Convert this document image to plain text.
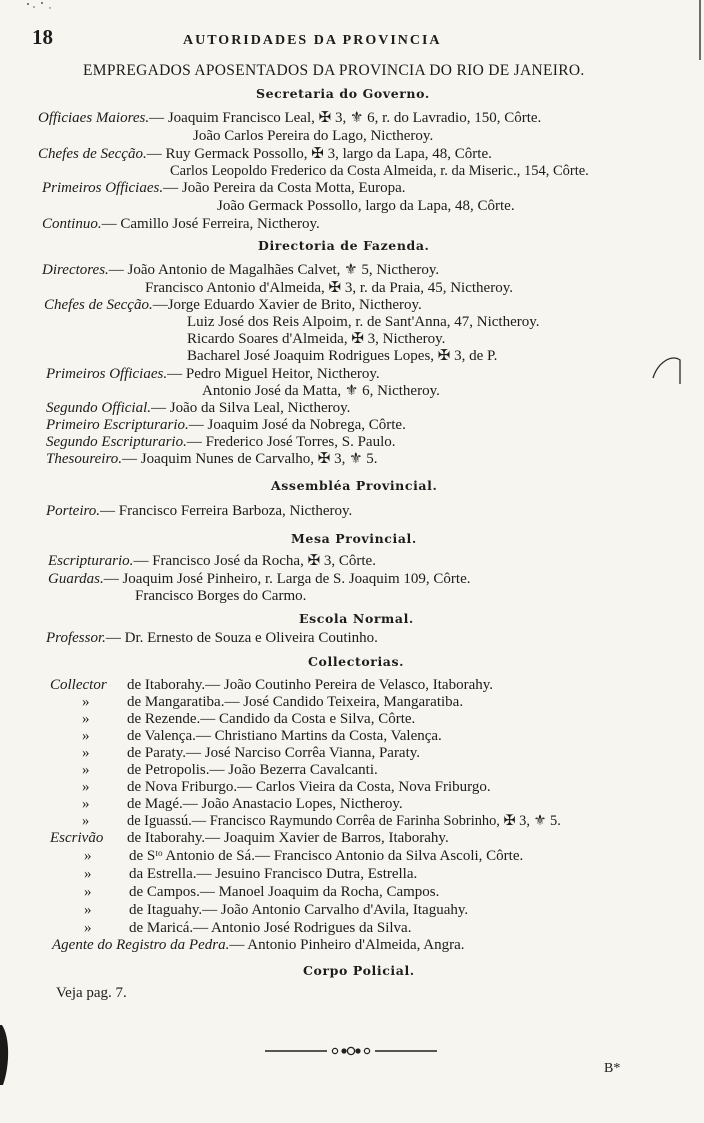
18	AUTORIDADES DA PROVINCIA
EMPREGADOS APOSENTADOS DA PROVINCIA DO RIO DE JANEIRO.
Secretaria do Governo.
Officiaes Maiores.— Joaquim Francisco Leal, ✠ 3, ⚜ 6, r. do Lavradio, 150, Côrte.
João Carlos Pereira do Lago, Nictheroy.
Chefes de Secção.— Ruy Germack Possollo, ✠ 3, largo da Lapa, 48, Côrte.
Carlos Leopoldo Frederico da Costa Almeida, r. da Miseric., 154, Côrte.
Primeiros Officiaes.— João Pereira da Costa Motta, Europa.
João Germack Possollo, largo da Lapa, 48, Côrte.
Continuo.— Camillo José Ferreira, Nictheroy.
Directoria de Fazenda.
Directores.— João Antonio de Magalhães Calvet, ⚜ 5, Nictheroy.
Francisco Antonio d'Almeida, ✠ 3, r. da Praia, 45, Nictheroy.
Chefes de Secção.—Jorge Eduardo Xavier de Brito, Nictheroy.
Luiz José dos Reis Alpoim, r. de Sant'Anna, 47, Nictheroy.
Ricardo Soares d'Almeida, ✠ 3, Nictheroy.
Bacharel José Joaquim Rodrigues Lopes, ✠ 3, de P.
Primeiros Officiaes.— Pedro Miguel Heitor, Nictheroy.
Antonio José da Matta, ⚜ 6, Nictheroy.
Segundo Official.— João da Silva Leal, Nictheroy.
Primeiro Escripturario.— Joaquim José da Nobrega, Côrte.
Segundo Escripturario.— Frederico José Torres, S. Paulo.
Thesoureiro.— Joaquim Nunes de Carvalho, ✠ 3, ⚜ 5.
Assembléa Provincial.
Porteiro.— Francisco Ferreira Barboza, Nictheroy.
Mesa Provincial.
Escripturario.— Francisco José da Rocha, ✠ 3, Côrte.
Guardas.— Joaquim José Pinheiro, r. Larga de S. Joaquim 109, Côrte.
Francisco Borges do Carmo.
Escola Normal.
Professor.— Dr. Ernesto de Souza e Oliveira Coutinho.
Collectorias.
Collector de Itaborahy.— João Coutinho Pereira de Velasco, Itaborahy.
»	de Mangaratiba.— José Candido Teixeira, Mangaratiba.
»	de Rezende.— Candido da Costa e Silva, Côrte.
»	de Valença.— Christiano Martins da Costa, Valença.
»	de Paraty.— José Narciso Corrêa Vianna, Paraty.
»	de Petropolis.— João Bezerra Cavalcanti.
»	de Nova Friburgo.— Carlos Vieira da Costa, Nova Friburgo.
»	de Magé.— João Anastacio Lopes, Nictheroy.
»	de Iguassú.— Francisco Raymundo Corrêa de Farinha Sobrinho, ✠ 3, ⚜ 5.
Escrivão de Itaborahy.— Joaquim Xavier de Barros, Itaborahy.
»	de Sᵗᵒ Antonio de Sá.— Francisco Antonio da Silva Ascoli, Côrte.
»	da Estrella.— Jesuino Francisco Dutra, Estrella.
»	de Campos.— Manoel Joaquim da Rocha, Campos.
»	de Itaguahy.— João Antonio Carvalho d'Avila, Itaguahy.
»	de Maricá.— Antonio José Rodrigues da Silva.
Agente do Registro da Pedra.— Antonio Pinheiro d'Almeida, Angra.
Corpo Policial.
Veja pag. 7.
B*
